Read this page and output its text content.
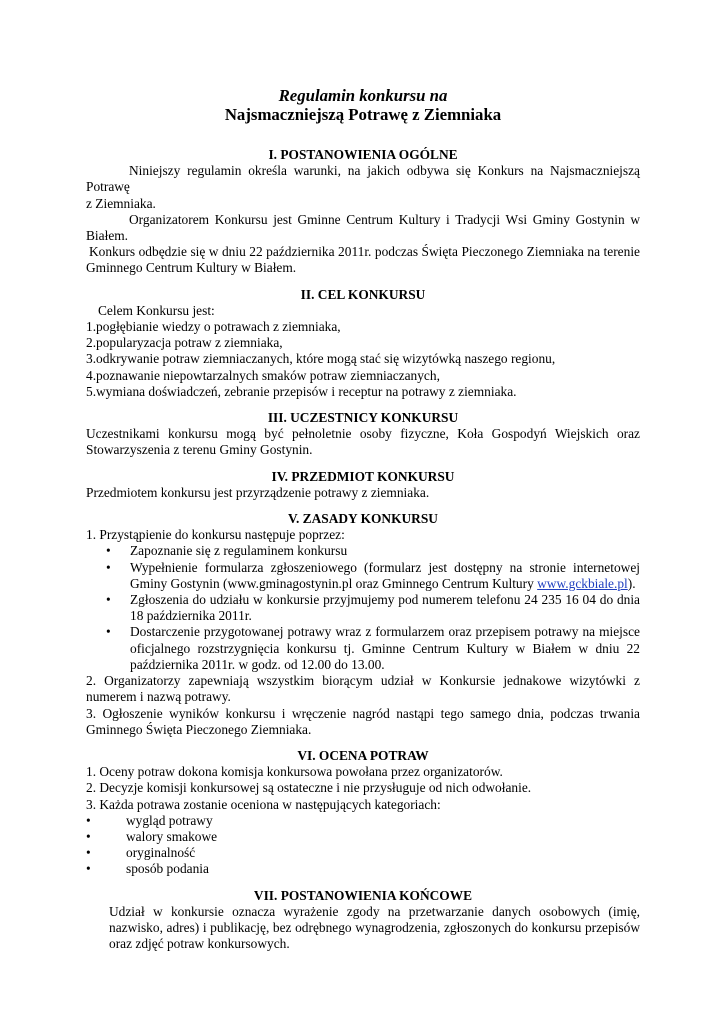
Regulamin konkursu na
Najsmaczniejszą Potrawę z Ziemniaka
I. POSTANOWIENIA OGÓLNE

Niniejszy regulamin określa warunki, na jakich odbywa się Konkurs na Najsmaczniejszą Potrawę

z Ziemniaka.

Organizatorem Konkursu jest Gminne Centrum Kultury i Tradycji Wsi Gminy Gostynin w Białem.

Konkurs odbędzie się w dniu 22 października 2011r. podczas Święta Pieczonego Ziemniaka na terenie Gminnego Centrum Kultury w Białem.

II. CEL KONKURSU

Celem Konkursu jest:

1. pogłębianie wiedzy o potrawach z ziemniaka,
2. popularyzacja potraw z ziemniaka,
3. odkrywanie potraw ziemniaczanych, które mogą stać się wizytówką naszego regionu,
4. poznawanie niepowtarzalnych smaków potraw ziemniaczanych,
5. wymiana doświadczeń, zebranie przepisów i receptur na potrawy z ziemniaka.
III. UCZESTNICY KONKURSU

Uczestnikami konkursu mogą być pełnoletnie osoby fizyczne, Koła Gospodyń Wiejskich oraz Stowarzyszenia z terenu Gminy Gostynin.

IV. PRZEDMIOT KONKURSU

Przedmiotem konkursu jest przyrządzenie potrawy z ziemniaka.

V. ZASADY KONKURSU

1. Przystąpienie do konkursu następuje poprzez:

•	Zapoznanie się z regulaminem konkursu
•	Wypełnienie formularza zgłoszeniowego (formularz jest dostępny na stronie internetowej Gminy Gostynin (www.gminagostynin.pl oraz Gminnego Centrum Kultury www.gckbiale.pl).
•	Zgłoszenia do udziału w konkursie przyjmujemy pod numerem telefonu 24 235 16 04 do dnia 18 października 2011r.
•	Dostarczenie przygotowanej potrawy wraz z formularzem oraz przepisem potrawy na miejsce oficjalnego rozstrzygnięcia konkursu tj. Gminne Centrum Kultury w Białem w dniu 22 października 2011r. w godz. od 12.00 do 13.00.

2. Organizatorzy zapewniają wszystkim biorącym udział w Konkursie jednakowe wizytówki z numerem i nazwą potrawy.

3. Ogłoszenie wyników konkursu i wręczenie nagród nastąpi tego samego dnia, podczas trwania Gminnego Święta Pieczonego Ziemniaka.

VI. OCENA POTRAW

1. Oceny potraw dokona komisja konkursowa powołana przez organizatorów.

2. Decyzje komisji konkursowej są ostateczne i nie przysługuje od nich odwołanie.

3. Każda potrawa zostanie oceniona w następujących kategoriach:

•	wygląd potrawy
•	walory smakowe
•	oryginalność
•	sposób podania
VII. POSTANOWIENIA KOŃCOWE

Udział w konkursie oznacza wyrażenie zgody na przetwarzanie danych osobowych (imię, nazwisko, adres) i publikację, bez odrębnego wynagrodzenia, zgłoszonych do konkursu przepisów oraz zdjęć potraw konkursowych.
